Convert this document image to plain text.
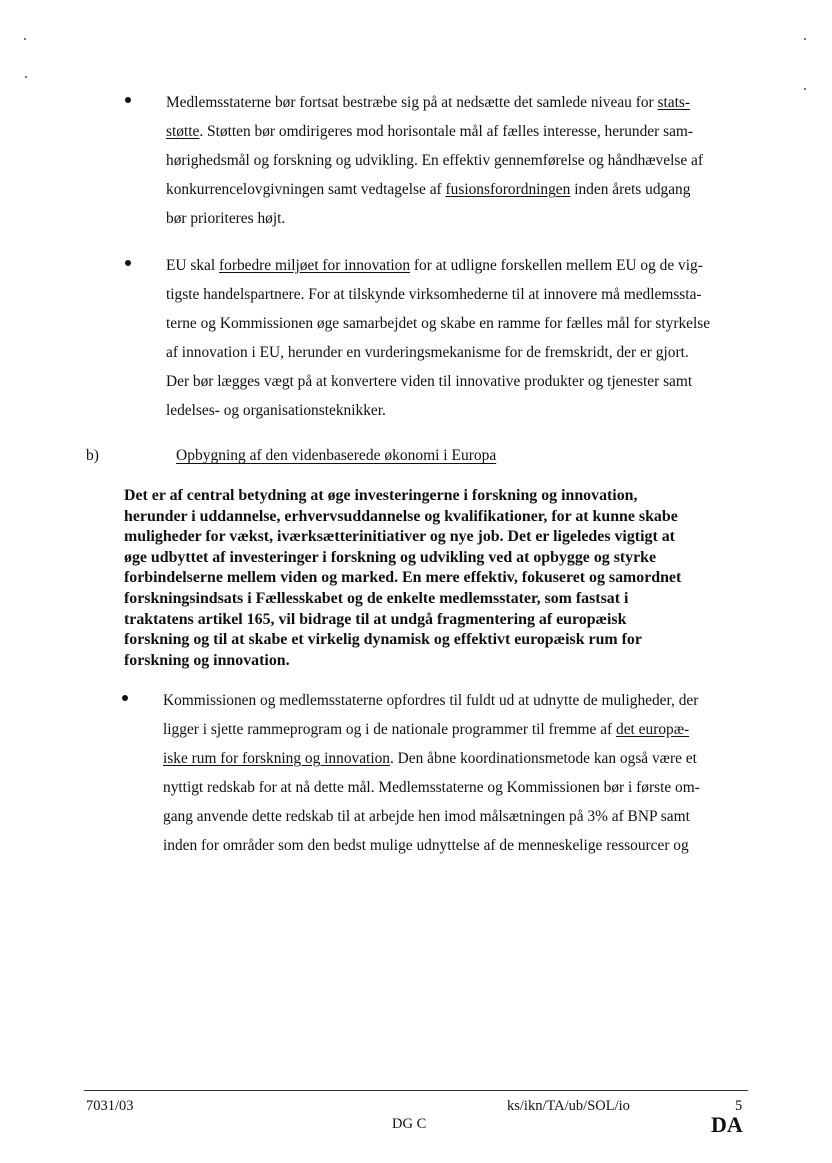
Medlemsstaterne bør fortsat bestræbe sig på at nedsætte det samlede niveau for stats-
støtte. Støtten bør omdirigeres mod horisontale mål af fælles interesse, herunder sam-
hørighedsmål og forskning og udvikling. En effektiv gennemførelse og håndhævelse af
konkurrencelovgivningen samt vedtagelse af fusionsforordningen inden årets udgang
bør prioriteres højt.
EU skal forbedre miljøet for innovation for at udligne forskellen mellem EU og de vig-
tigste handelspartnere. For at tilskynde virksomhederne til at innovere må medlemssta-
terne og Kommissionen øge samarbejdet og skabe en ramme for fælles mål for styrkelse
af innovation i EU, herunder en vurderingsmekanisme for de fremskridt, der er gjort.
Der bør lægges vægt på at konvertere viden til innovative produkter og tjenester samt
ledelses- og organisationsteknikker.
b)	Opbygning af den videnbaserede økonomi i Europa
Det er af central betydning at øge investeringerne i forskning og innovation,
herunder i uddannelse, erhvervsuddannelse og kvalifikationer, for at kunne skabe
muligheder for vækst, iværksætterinitiativer og nye job. Det er ligeledes vigtigt at
øge udbyttet af investeringer i forskning og udvikling ved at opbygge og styrke
forbindelserne mellem viden og marked. En mere effektiv, fokuseret og samordnet
forskningsindsats i Fællesskabet og de enkelte medlemsstater, som fastsat i
traktatens artikel 165, vil bidrage til at undgå fragmentering af europæisk
forskning og til at skabe et virkelig dynamisk og effektivt europæisk rum for
forskning og innovation.
Kommissionen og medlemsstaterne opfordres til fuldt ud at udnytte de muligheder, der
ligger i sjette rammeprogram og i de nationale programmer til fremme af det europæ-
iske rum for forskning og innovation. Den åbne koordinationsmetode kan også være et
nyttigt redskab for at nå dette mål. Medlemsstaterne og Kommissionen bør i første om-
gang anvende dette redskab til at arbejde hen imod målsætningen på 3% af BNP samt
inden for områder som den bedst mulige udnyttelse af de menneskelige ressourcer og
7031/03	ks/ikn/TA/ub/SOL/io	5
DG C	DA
